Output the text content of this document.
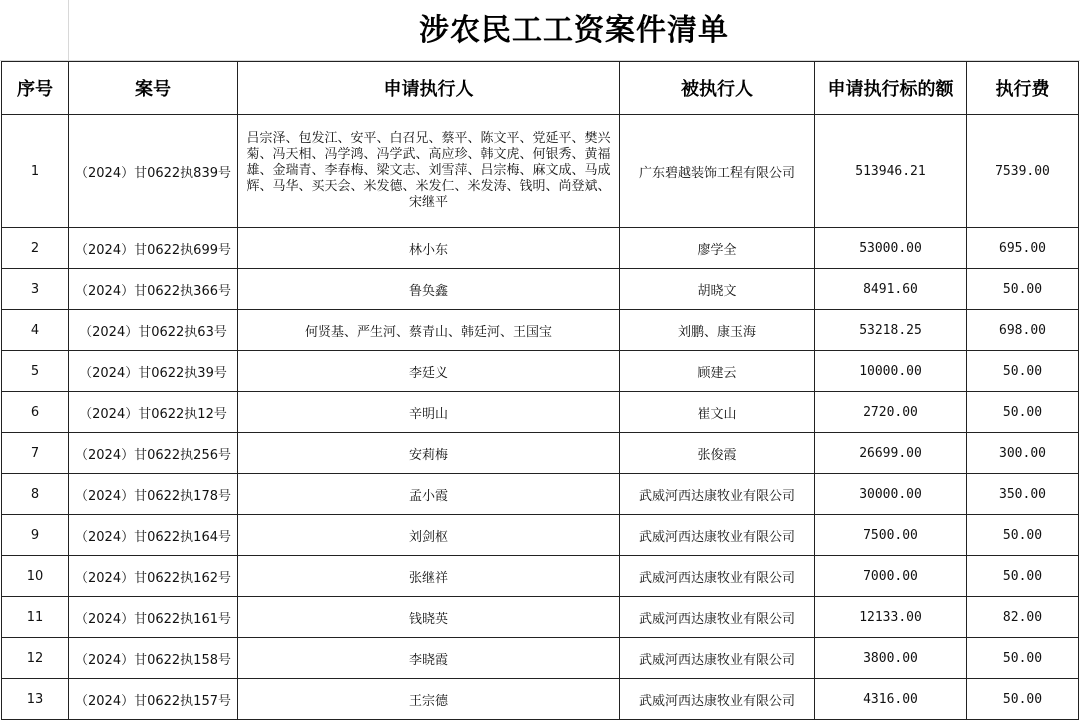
涉农民工工资案件清单
序号	案号	申请执行人	被执行人	申请执行标的额	执行费
1	（2024）甘0622执839号	吕宗泽、包发江、安平、白召兄、蔡平、陈文平、党延平、樊兴菊、冯天相、冯学鸿、冯学武、高应珍、韩文虎、何银秀、黄福雄、金瑞青、李春梅、梁文志、刘雪萍、吕宗梅、麻文成、马成辉、马华、买天会、米发德、米发仁、米发涛、钱明、尚登斌、宋继平	广东碧越装饰工程有限公司	513946.21	7539.00
2	（2024）甘0622执699号	林小东	廖学全	53000.00	695.00
3	（2024）甘0622执366号	鲁奂鑫	胡晓文	8491.60	50.00
4	（2024）甘0622执63号	何贤基、严生河、蔡青山、韩廷河、王国宝	刘鹏、康玉海	53218.25	698.00
5	（2024）甘0622执39号	李廷义	顾建云	10000.00	50.00
6	（2024）甘0622执12号	辛明山	崔文山	2720.00	50.00
7	（2024）甘0622执256号	安莉梅	张俊霞	26699.00	300.00
8	（2024）甘0622执178号	孟小霞	武威河西达康牧业有限公司	30000.00	350.00
9	（2024）甘0622执164号	刘剑枢	武威河西达康牧业有限公司	7500.00	50.00
10	（2024）甘0622执162号	张继祥	武威河西达康牧业有限公司	7000.00	50.00
11	（2024）甘0622执161号	钱晓英	武威河西达康牧业有限公司	12133.00	82.00
12	（2024）甘0622执158号	李晓霞	武威河西达康牧业有限公司	3800.00	50.00
13	（2024）甘0622执157号	王宗德	武威河西达康牧业有限公司	4316.00	50.00
